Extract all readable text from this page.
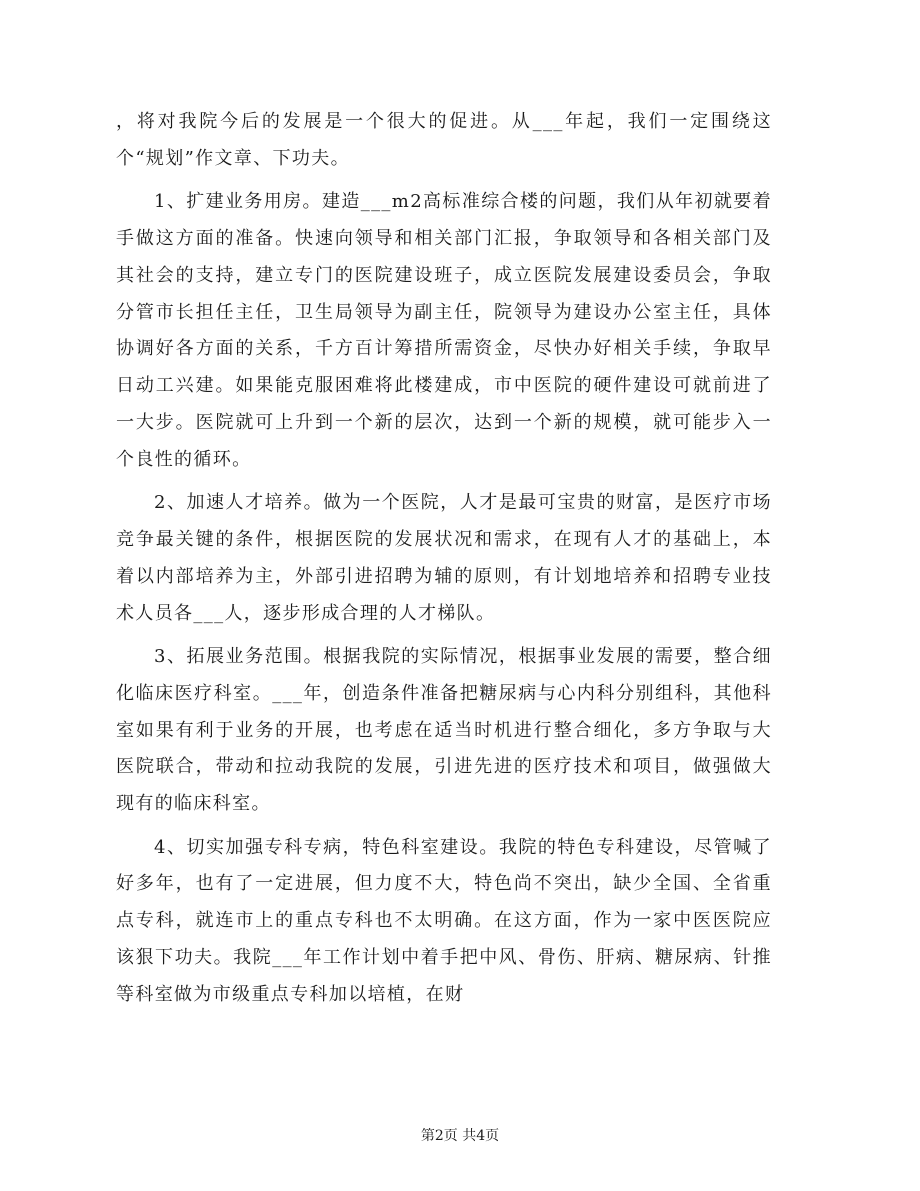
，将对我院今后的发展是一个很大的促进。从___年起，我们一定围绕这个“规划”作文章、下功夫。

1、扩建业务用房。建造___m2高标准综合楼的问题，我们从年初就要着手做这方面的准备。快速向领导和相关部门汇报，争取领导和各相关部门及其社会的支持，建立专门的医院建设班子，成立医院发展建设委员会，争取分管市长担任主任，卫生局领导为副主任，院领导为建设办公室主任，具体协调好各方面的关系，千方百计筹措所需资金，尽快办好相关手续，争取早日动工兴建。如果能克服困难将此楼建成，市中医院的硬件建设可就前进了一大步。医院就可上升到一个新的层次，达到一个新的规模，就可能步入一个良性的循环。

2、加速人才培养。做为一个医院，人才是最可宝贵的财富，是医疗市场竞争最关键的条件，根据医院的发展状况和需求，在现有人才的基础上，本着以内部培养为主，外部引进招聘为辅的原则，有计划地培养和招聘专业技术人员各___人，逐步形成合理的人才梯队。

3、拓展业务范围。根据我院的实际情况，根据事业发展的需要，整合细化临床医疗科室。___年，创造条件准备把糖尿病与心内科分别组科，其他科室如果有利于业务的开展，也考虑在适当时机进行整合细化，多方争取与大医院联合，带动和拉动我院的发展，引进先进的医疗技术和项目，做强做大现有的临床科室。

4、切实加强专科专病，特色科室建设。我院的特色专科建设，尽管喊了好多年，也有了一定进展，但力度不大，特色尚不突出，缺少全国、全省重点专科，就连市上的重点专科也不太明确。在这方面，作为一家中医医院应该狠下功夫。我院___年工作计划中着手把中风、骨伤、肝病、糖尿病、针推等科室做为市级重点专科加以培植，在财

第2页 共4页
